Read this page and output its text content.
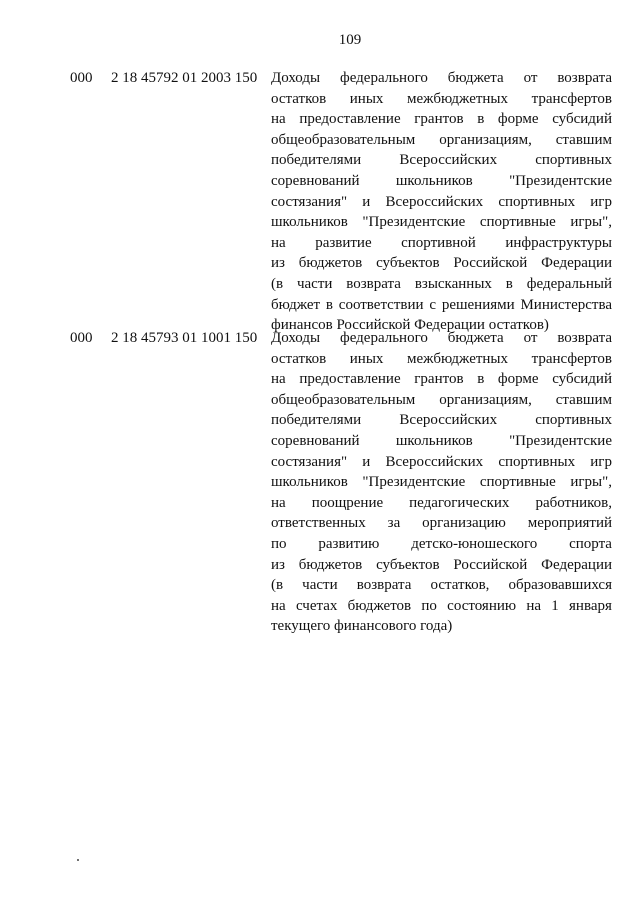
109
000 2 18 45792 01 2003 150 Доходы федерального бюджета от возврата
остатков иных межбюджетных трансфертов
на предоставление грантов в форме субсидий
общеобразовательным организациям, ставшим
победителями	Всероссийских	спортивных
соревнований школьников "Президентские
состязания" и Всероссийских спортивных игр
школьников "Президентские спортивные игры",
на развитие спортивной инфраструктуры
из бюджетов субъектов Российской Федерации
(в части возврата взысканных в федеральный
бюджет в соответствии с решениями Министерства
финансов Российской Федерации остатков)
000 2 18 45793 01 1001 150 Доходы федерального бюджета от возврата
остатков иных межбюджетных трансфертов
на предоставление грантов в форме субсидий
общеобразовательным организациям, ставшим
победителями	Всероссийских	спортивных
соревнований школьников "Президентские
состязания" и Всероссийских спортивных игр
школьников "Президентские спортивные игры",
на поощрение педагогических работников,
ответственных за организацию мероприятий
по развитию детско-юношеского спорта
из бюджетов субъектов Российской Федерации
(в части возврата остатков, образовавшихся
на счетах бюджетов по состоянию на 1 января
текущего финансового года)
